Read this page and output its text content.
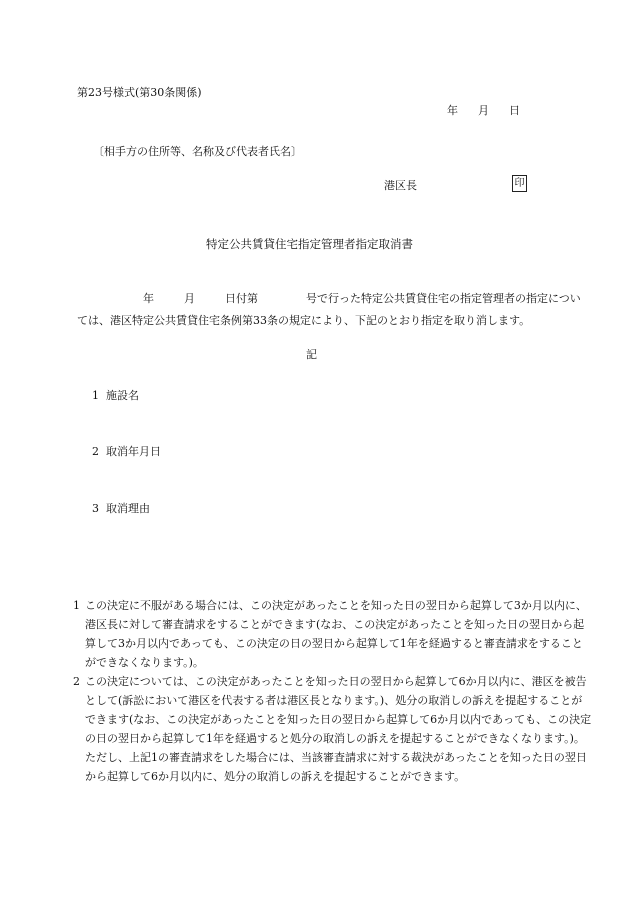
第23号様式(第30条関係)
年 月 日
〔相手方の住所等、名称及び代表者氏名〕
港区長	印
特定公共賃貸住宅指定管理者指定取消書
年	月	日付第	号で行った特定公共賃貸住宅の指定管理者の指定につい
ては、港区特定公共賃貸住宅条例第33条の規定により、下記のとおり指定を取り消します。
記
1 施設名
2 取消年月日
3 取消理由
1 この決定に不服がある場合には、この決定があったことを知った日の翌日から起算して3か月以内に、港区長に対して審査請求をすることができます(なお、この決定があったことを知った日の翌日から起算して3か月以内であっても、この決定の日の翌日から起算して1年を経過すると審査請求をすることができなくなります。)。
2 この決定については、この決定があったことを知った日の翌日から起算して6か月以内に、港区を被告として(訴訟において港区を代表する者は港区長となります。)、処分の取消しの訴えを提起することができます(なお、この決定があったことを知った日の翌日から起算して6か月以内であっても、この決定の日の翌日から起算して1年を経過すると処分の取消しの訴えを提起することができなくなります。)。ただし、上記1の審査請求をした場合には、当該審査請求に対する裁決があったことを知った日の翌日から起算して6か月以内に、処分の取消しの訴えを提起することができます。
